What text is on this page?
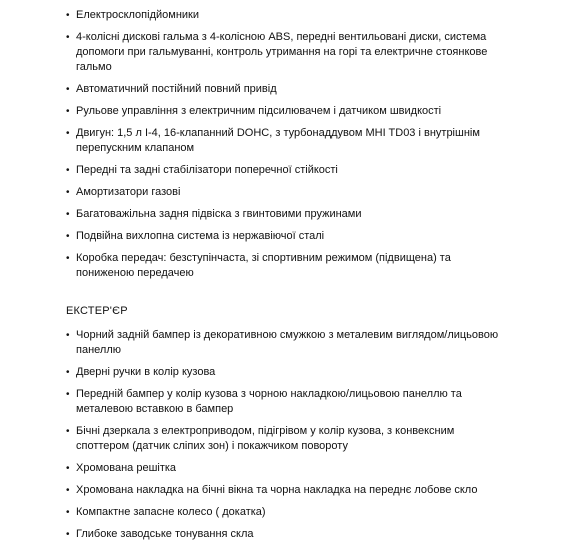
• Електросклопідйомники
• 4-колісні дискові гальма з 4-колісною ABS, передні вентильовані диски, система допомоги при гальмуванні, контроль утримання на горі та електричне стоянкове гальмо
• Автоматичний постійний повний привід
• Рульове управління з електричним підсилювачем і датчиком швидкості
• Двигун: 1,5 л I-4, 16-клапанний DOHC, з турбонаддувом MHI TD03 і внутрішнім перепускним клапаном
• Передні та задні стабілізатори поперечної стійкості
• Амортизатори газові
• Багатоважільна задня підвіска з гвинтовими пружинами
• Подвійна вихлопна система із нержавіючої сталі
• Коробка передач: безступінчаста, зі спортивним режимом (підвищена) та пониженою передачею
ЕКСТЕР'ЄР
• Чорний задній бампер із декоративною смужкою з металевим виглядом/лицьовою панеллю
• Дверні ручки в колір кузова
• Передній бампер у колір кузова з чорною накладкою/лицьовою панеллю та металевою вставкою в бампер
• Бічні дзеркала з електроприводом, підігрівом у колір кузова, з конвексним споттером (датчик сліпих зон) і покажчиком повороту
• Хромована решітка
• Хромована накладка на бічні вікна та чорна накладка на переднє лобове скло
• Компактне запасне колесо ( докатка)
• Глибоке заводське тонування скла
